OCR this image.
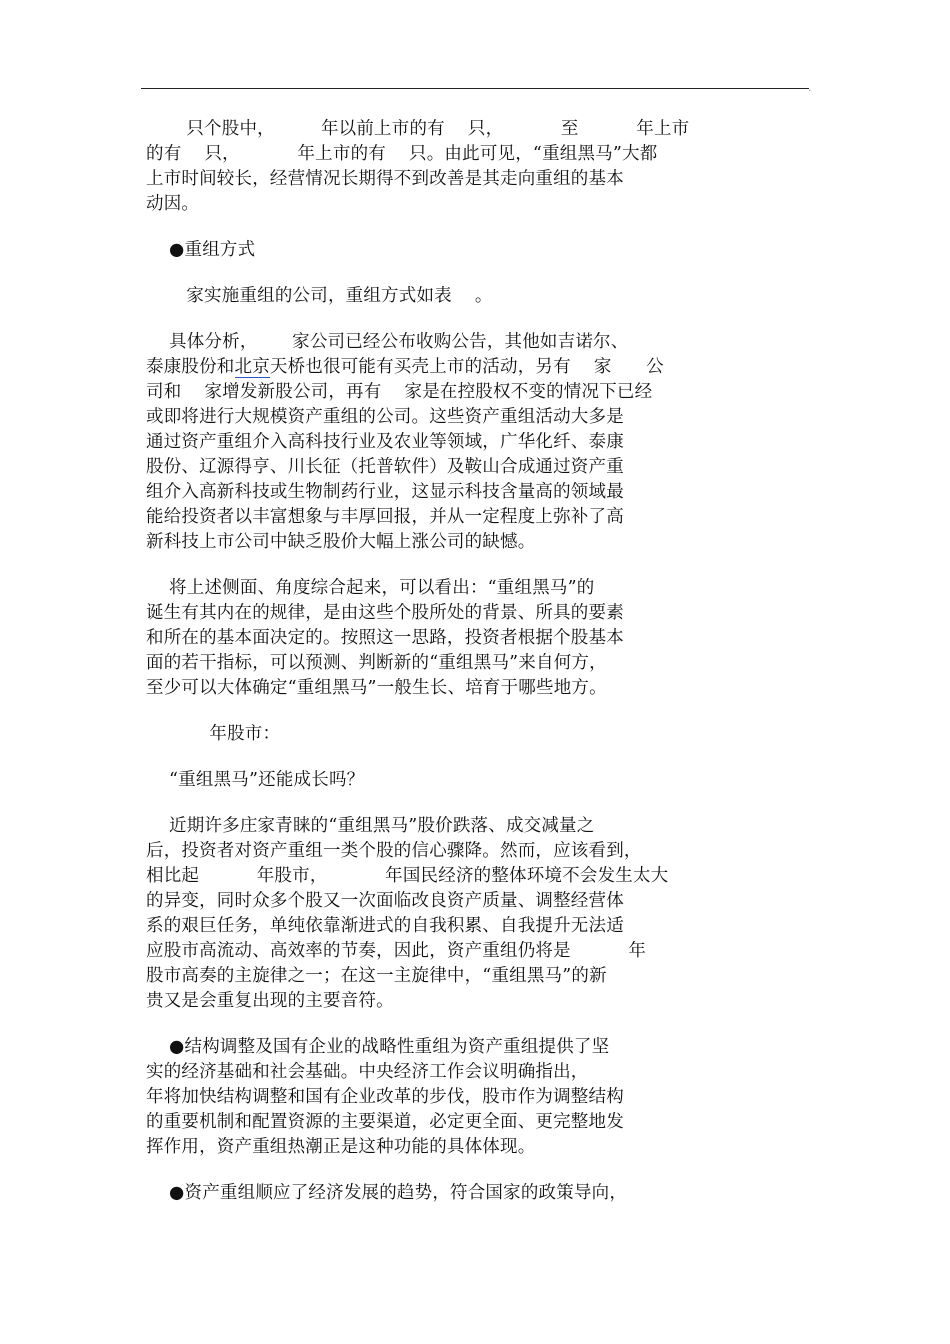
,
只个股中，        年以前上市的有    只，          至          年上市
的有    只，          年上市的有    只。由此可见，“重组黑马”大都
上市时间较长，经营情况长期得不到改善是其走向重组的基本
动因。
●重组方式
家实施重组的公司，重组方式如表    。
具体分析，      家公司已经公布收购公告，其他如吉诺尔、
泰康股份和北京天桥也很可能有买壳上市的活动，另有    家      公
司和    家增发新股公司，再有    家是在控股权不变的情况下已经
或即将进行大规模资产重组的公司。这些资产重组活动大多是
通过资产重组介入高科技行业及农业等领域，广华化纤、泰康
股份、辽源得亨、川长征（托普软件）及鞍山合成通过资产重
组介入高新科技或生物制药行业，这显示科技含量高的领域最
能给投资者以丰富想象与丰厚回报，并从一定程度上弥补了高
新科技上市公司中缺乏股价大幅上涨公司的缺憾。
将上述侧面、角度综合起来，可以看出：“重组黑马”的
诞生有其内在的规律，是由这些个股所处的背景、所具的要素
和所在的基本面决定的。按照这一思路，投资者根据个股基本
面的若干指标，可以预测、判断新的“重组黑马”来自何方，
至少可以大体确定“重组黑马”一般生长、培育于哪些地方。
年股市：
“重组黑马”还能成长吗？
近期许多庄家青睐的“重组黑马”股价跌落、成交减量之
后，投资者对资产重组一类个股的信心骤降。然而，应该看到，
相比起          年股市，          年国民经济的整体环境不会发生太大
的异变，同时众多个股又一次面临改良资产质量、调整经营体
系的艰巨任务，单纯依靠渐进式的自我积累、自我提升无法适
应股市高流动、高效率的节奏，因此，资产重组仍将是          年
股市高奏的主旋律之一；在这一主旋律中，“重组黑马”的新
贵又是会重复出现的主要音符。
●结构调整及国有企业的战略性重组为资产重组提供了坚
实的经济基础和社会基础。中央经济工作会议明确指出，
年将加快结构调整和国有企业改革的步伐，股市作为调整结构
的重要机制和配置资源的主要渠道，必定更全面、更完整地发
挥作用，资产重组热潮正是这种功能的具体体现。
●资产重组顺应了经济发展的趋势，符合国家的政策导向，
